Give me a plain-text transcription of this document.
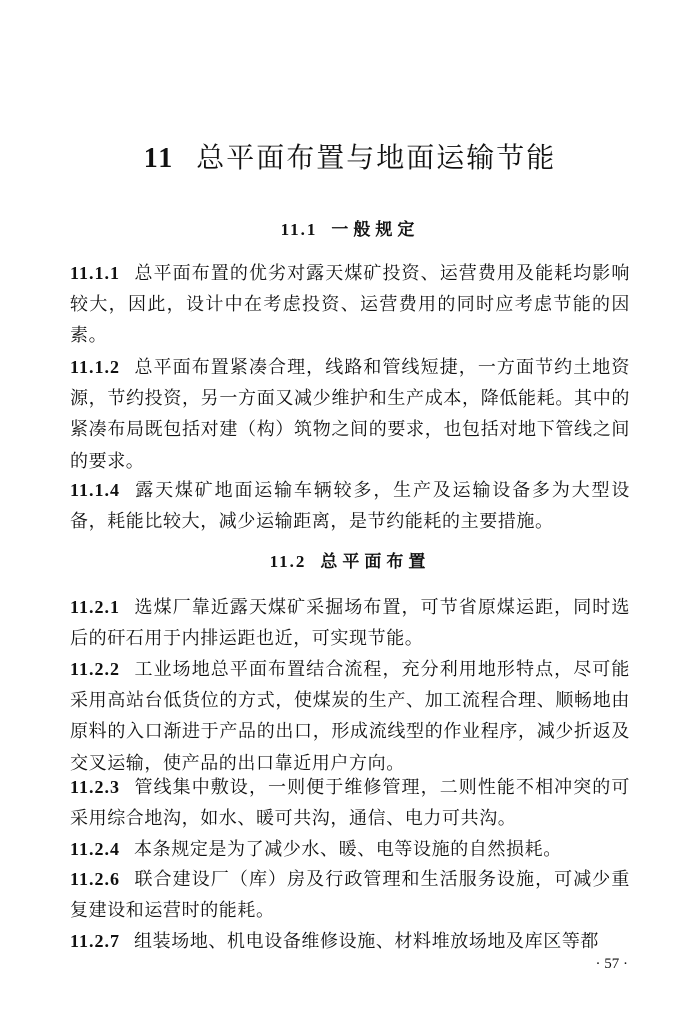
11 总平面布置与地面运输节能
11.1 一般规定

11.1.1 总平面布置的优劣对露天煤矿投资、运营费用及能耗均影响较大，因此，设计中在考虑投资、运营费用的同时应考虑节能的因素。

11.1.2 总平面布置紧凑合理，线路和管线短捷，一方面节约土地资源，节约投资，另一方面又减少维护和生产成本，降低能耗。其中的紧凑布局既包括对建（构）筑物之间的要求，也包括对地下管线之间的要求。

11.1.4 露天煤矿地面运输车辆较多，生产及运输设备多为大型设备，耗能比较大，减少运输距离，是节约能耗的主要措施。

11.2 总平面布置

11.2.1 选煤厂靠近露天煤矿采掘场布置，可节省原煤运距，同时选后的矸石用于内排运距也近，可实现节能。

11.2.2 工业场地总平面布置结合流程，充分利用地形特点，尽可能采用高站台低货位的方式，使煤炭的生产、加工流程合理、顺畅地由原料的入口渐进于产品的出口，形成流线型的作业程序，减少折返及交叉运输，使产品的出口靠近用户方向。

11.2.3 管线集中敷设，一则便于维修管理，二则性能不相冲突的可采用综合地沟，如水、暖可共沟，通信、电力可共沟。

11.2.4 本条规定是为了减少水、暖、电等设施的自然损耗。

11.2.6 联合建设厂（库）房及行政管理和生活服务设施，可减少重复建设和运营时的能耗。

11.2.7 组装场地、机电设备维修设施、材料堆放场地及库区等都

· 57 ·
